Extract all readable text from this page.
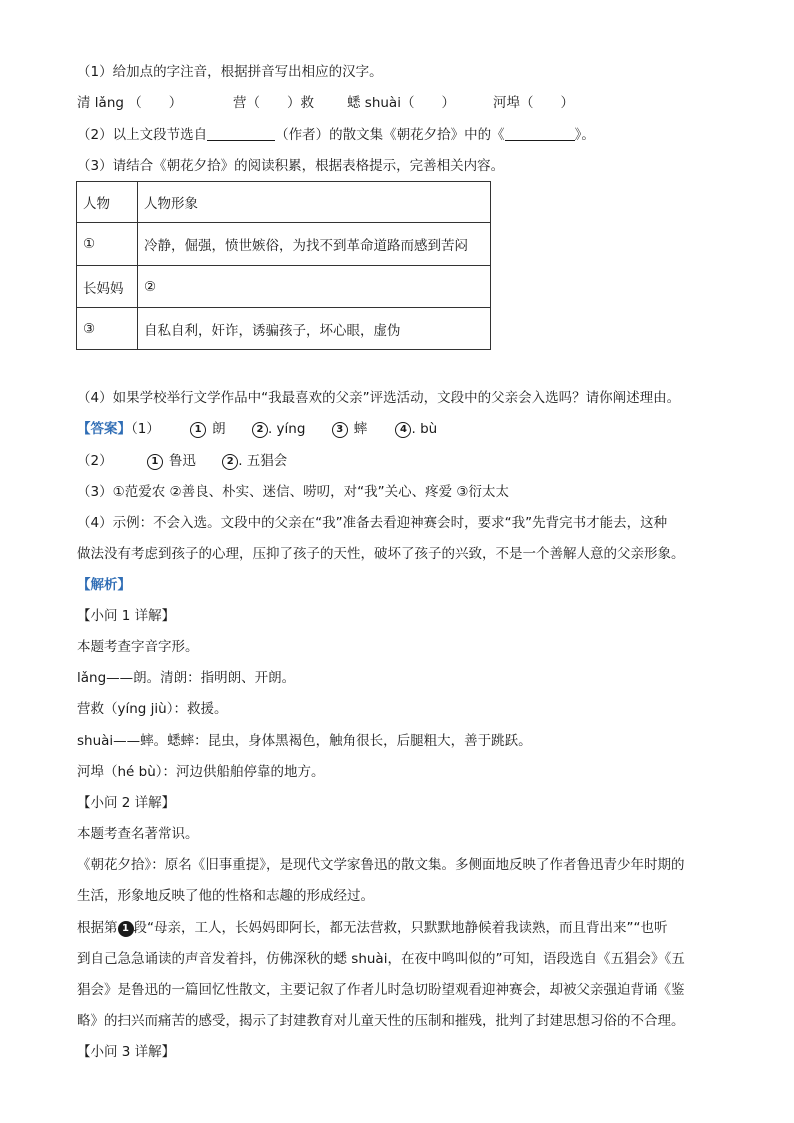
（1）给加点的字注音，根据拼音写出相应的汉字。
清 lǎng （　　）	营（　　）救 蟋 shuài（　　）	河埠（　　）
（2）以上文段节选自	（作者）的散文集《朝花夕拾》中的《	》。
（3）请结合《朝花夕拾》的阅读积累，根据表格提示，完善相关内容。
人物	人物形象
①	冷静，倔强，愤世嫉俗，为找不到革命道路而感到苦闷
长妈妈	②
③	自私自利，奸诈，诱骗孩子，坏心眼，虚伪
（4）如果学校举行文学作品中“我最喜欢的父亲”评选活动，文段中的父亲会入选吗？请你阐述理由。
【答案】（1）	1 朗	2 . yíng	3 蟀	4 . bù
（2）	1 鲁迅	2 . 五猖会
（3）①范爱农 ②善良、朴实、迷信、唠叨，对“我”关心、疼爱 ③衍太太
（4）示例：不会入选。文段中的父亲在“我”准备去看迎神赛会时，要求“我”先背完书才能去，这种
做法没有考虑到孩子的心理，压抑了孩子的天性，破坏了孩子的兴致，不是一个善解人意的父亲形象。
【解析】
【小问 1 详解】
本题考查字音字形。
lǎng——朗。清朗：指明朗、开朗。
营救（yíng jiù）：救援。
shuài——蟀。蟋蟀：昆虫，身体黑褐色，触角很长，后腿粗大，善于跳跃。
河埠（hé bù）：河边供船舶停靠的地方。
【小问 2 详解】
本题考查名著常识。
《朝花夕拾》：原名《旧事重提》，是现代文学家鲁迅的散文集。多侧面地反映了作者鲁迅青少年时期的
生活，形象地反映了他的性格和志趣的形成经过。
根据第 1 段“母亲，工人，长妈妈即阿长，都无法营救，只默默地静候着我读熟，而且背出来”“也听
到自己急急诵读的声音发着抖，仿佛深秋的蟋 shuài，在夜中鸣叫似的”可知，语段选自《五猖会》《五
猖会》是鲁迅的一篇回忆性散文，主要记叙了作者儿时急切盼望观看迎神赛会，却被父亲强迫背诵《鉴
略》的扫兴而痛苦的感受，揭示了封建教育对儿童天性的压制和摧残，批判了封建思想习俗的不合理。
【小问 3 详解】
